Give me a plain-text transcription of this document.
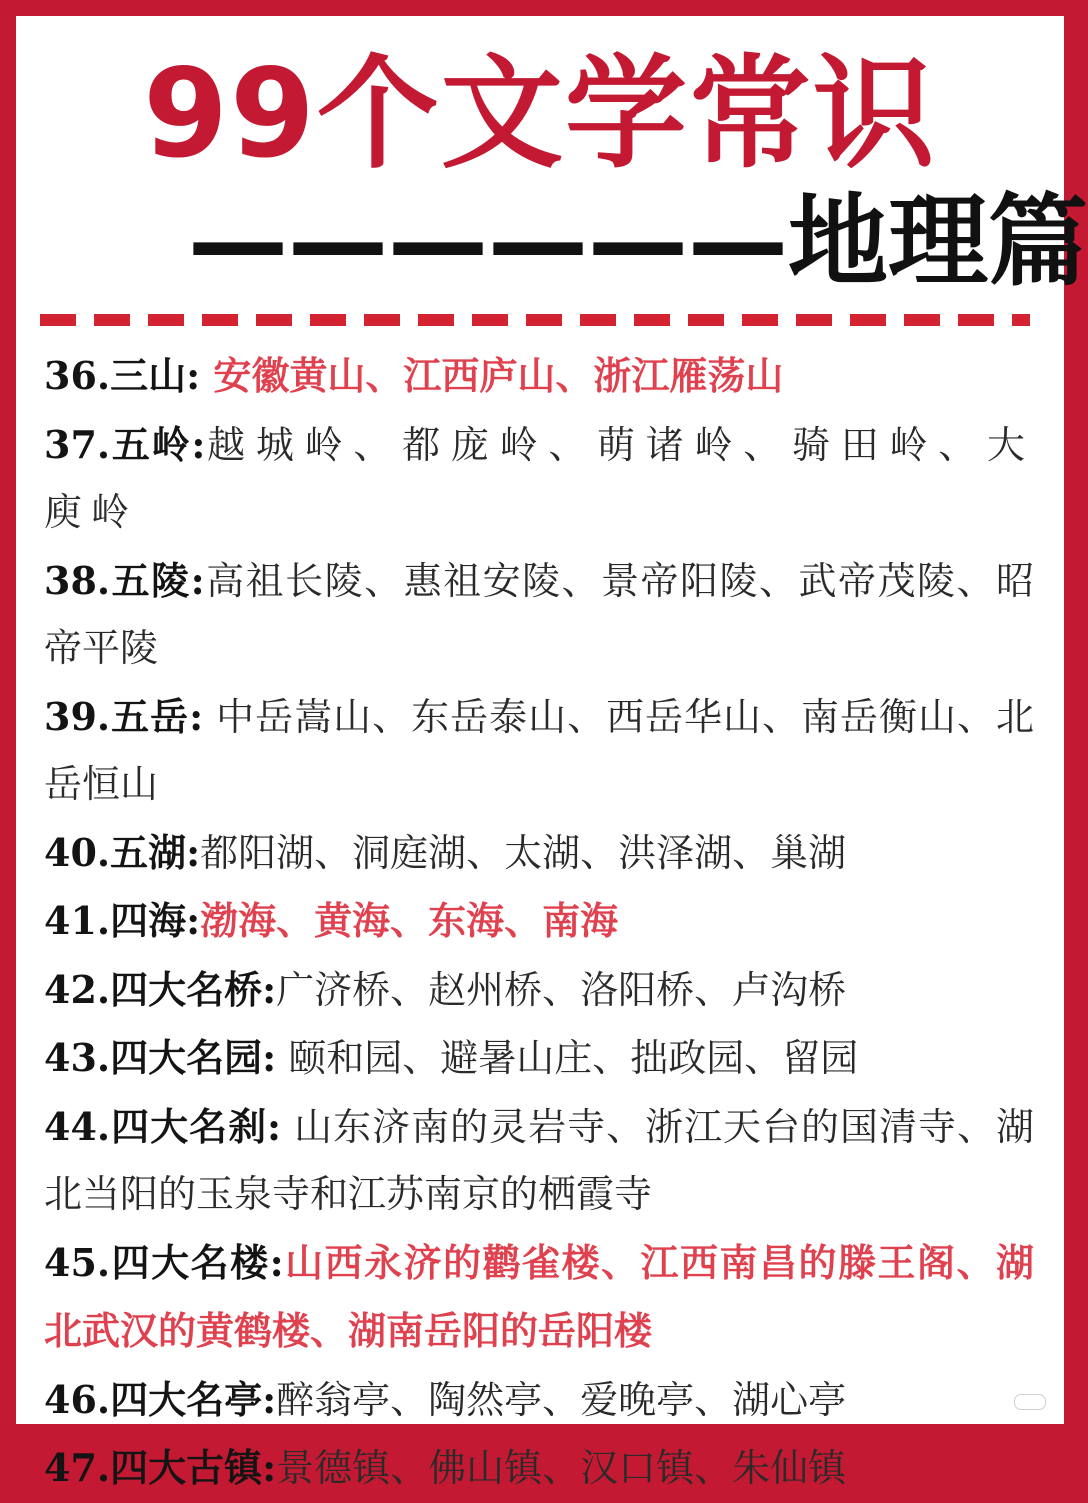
99个文学常识
——————地理篇
36.三山: 安徽黄山、江西庐山、浙江雁荡山
37.五岭:越城岭、都庞岭、萌诸岭、骑田岭、大庾岭
38.五陵:高祖长陵、惠祖安陵、景帝阳陵、武帝茂陵、昭帝平陵
39.五岳: 中岳嵩山、东岳泰山、西岳华山、南岳衡山、北岳恒山
40.五湖:都阳湖、洞庭湖、太湖、洪泽湖、巢湖
41.四海:渤海、黄海、东海、南海
42.四大名桥:广济桥、赵州桥、洛阳桥、卢沟桥
43.四大名园: 颐和园、避暑山庄、拙政园、留园
44.四大名刹: 山东济南的灵岩寺、浙江天台的国清寺、湖北当阳的玉泉寺和江苏南京的栖霞寺
45.四大名楼:山西永济的鹳雀楼、江西南昌的滕王阁、湖北武汉的黄鹤楼、湖南岳阳的岳阳楼
46.四大名亭:醉翁亭、陶然亭、爱晚亭、湖心亭
47.四大古镇:景德镇、佛山镇、汉口镇、朱仙镇
